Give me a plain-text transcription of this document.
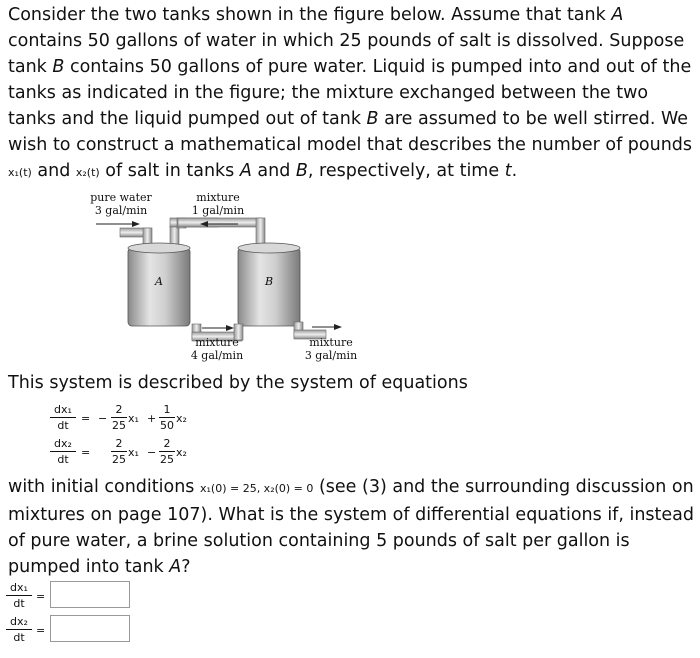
Consider the two tanks shown in the figure below. Assume that tank A contains 50 gallons of water in which 25 pounds of salt is dissolved. Suppose tank B contains 50 gallons of pure water. Liquid is pumped into and out of the tanks as indicated in the figure; the mixture exchanged between the two tanks and the liquid pumped out of tank B are assumed to be well stirred. We wish to construct a mathematical model that describes the number of pounds x₁(t) and x₂(t) of salt in tanks A and B, respectively, at time t.

pure water
3 gal/min
mixture
1 gal/min
A	B
mixture
4 gal/min
mixture
3 gal/min

This system is described by the system of equations

dx₁
dt
= −
2
25
x₁ +
1
50
x₂
dx₂
dt
=
2
25
x₁ −
2
25
x₂

with initial conditions x₁(0) = 25, x₂(0) = 0 (see (3) and the surrounding discussion on mixtures on page 107). What is the system of differential equations if, instead of pure water, a brine solution containing 5 pounds of salt per gallon is pumped into tank A?

dx₁
dt
=
dx₂
dt
=
